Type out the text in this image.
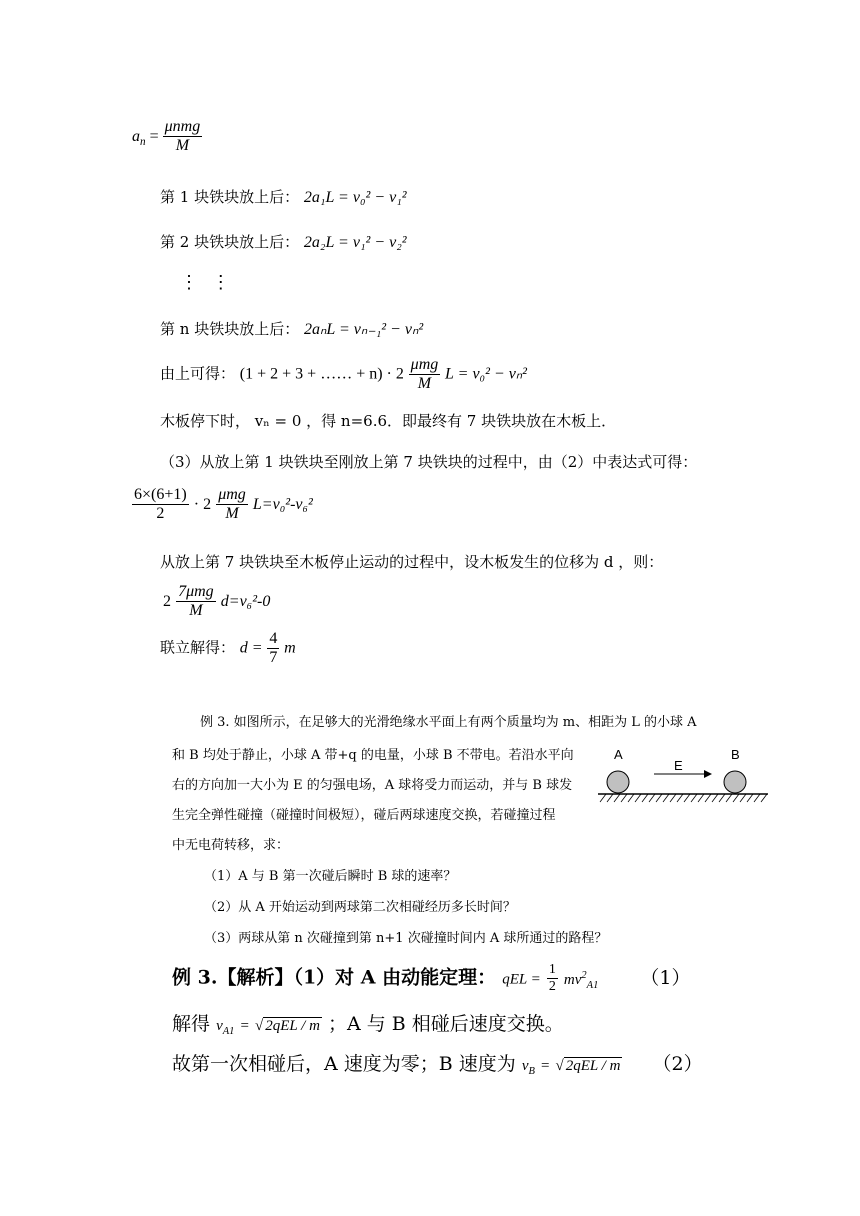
$a_n = \frac{\text{μnmg}}{M}$
第 1 块铁块放上后： 2a₁L = v₀² − v₁²
第 2 块铁块放上后： 2a₂L = v₁² − v₂²
⋮ ⋮
第 n 块铁块放上后： 2aₙL = vₙ₋₁² − vₙ²
由上可得： (1 + 2 + 3 + …… + $n) \cdot 2 \frac{\text{μmg}}{M}$ L = v₀² − vₙ²
木板停下时， vₙ = 0 ，得 n=6.6．即最终有 7 块铁块放在木板上．
（3）从放上第 1 块铁块至刚放上第 7 块铁块的过程中，由（2）中表达式可得：
$\frac{6\times(6+1)}{2} \cdot 2 \frac{\text{μmg}}{M} L=v_0^2-v_6^2$
从放上第 7 块铁块至木板停止运动的过程中，设木板发生的位移为 d ，则：
$2 \frac{\text{7μmg}}{M} d=v_6^2-0$
联立解得： $d = \frac{4}{7}$ m
例 3. 如图所示，在足够大的光滑绝缘水平面上有两个质量均为 m、相距为 L 的小球 A
和 B 均处于静止，小球 A 带+q 的电量，小球 B 不带电。若沿水平向
右的方向加一大小为 E 的匀强电场，A 球将受力而运动，并与 B 球发
生完全弹性碰撞（碰撞时间极短），碰后两球速度交换，若碰撞过程
中无电荷转移，求：
（1）A 与 B 第一次碰后瞬时 B 球的速率？
（2）从 A 开始运动到两球第二次相碰经历多长时间？
（3）两球从第 n 次碰撞到第 n+1 次碰撞时间内 A 球所通过的路程？
A
E
B
例 3.【解析】（1）对 A 由动能定理： qEL = $\frac{1}{2} mv^2_{A1}$ （1）
解得 $v_{A1}$ = √ 2qEL / m ；A 与 B 相碰后速度交换。
故第一次相碰后，A 速度为零；B 速度为 $v_B$ = √ 2qEL / m （2）
